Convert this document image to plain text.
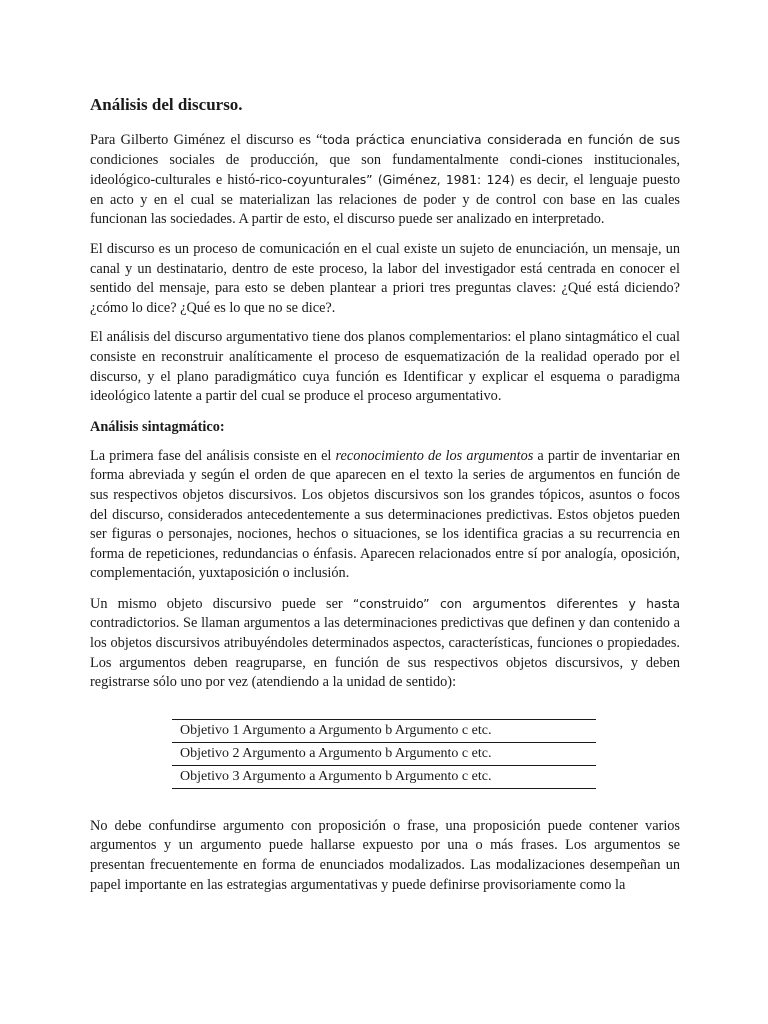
Análisis del discurso.

Para Gilberto Giménez el discurso es “toda práctica enunciativa considerada en función de sus condiciones sociales de producción, que son fundamentalmente condi-ciones institucionales, ideológico-culturales e histó-rico-coyunturales” (Giménez, 1981: 124) es decir, el lenguaje puesto en acto y en el cual se materializan las relaciones de poder y de control con base en las cuales funcionan las sociedades. A partir de esto, el discurso puede ser analizado en interpretado.

El discurso es un proceso de comunicación en el cual existe un sujeto de enunciación, un mensaje, un canal y un destinatario, dentro de este proceso, la labor del investigador está centrada en conocer el sentido del mensaje, para esto se deben plantear a priori tres preguntas claves: ¿Qué está diciendo? ¿cómo lo dice? ¿Qué es lo que no se dice?.

El análisis del discurso argumentativo tiene dos planos complementarios: el plano sintagmático el cual consiste en reconstruir analíticamente el proceso de esquematización de la realidad operado por el discurso, y el plano paradigmático cuya función es Identificar y explicar el esquema o paradigma ideológico latente a partir del cual se produce el proceso argumentativo.

Análisis sintagmático:

La primera fase del análisis consiste en el reconocimiento de los argumentos a partir de inventariar en forma abreviada y según el orden de que aparecen en el texto la series de argumentos en función de sus respectivos objetos discursivos. Los objetos discursivos son los grandes tópicos, asuntos o focos del discurso, considerados antecedentemente a sus determinaciones predictivas. Estos objetos pueden ser figuras o personajes, nociones, hechos o situaciones, se los identifica gracias a su recurrencia en forma de repeticiones, redundancias o énfasis. Aparecen relacionados entre sí por analogía, oposición, complementación, yuxtaposición o inclusión.

Un mismo objeto discursivo puede ser “construido” con argumentos diferentes y hasta contradictorios. Se llaman argumentos a las determinaciones predictivas que definen y dan contenido a los objetos discursivos atribuyéndoles determinados aspectos, características, funciones o propiedades. Los argumentos deben reagruparse, en función de sus respectivos objetos discursivos, y deben registrarse sólo uno por vez (atendiendo a la unidad de sentido):

Objetivo 1 Argumento a Argumento b Argumento c etc.
Objetivo 2 Argumento a Argumento b Argumento c etc.
Objetivo 3 Argumento a Argumento b Argumento c etc.

No debe confundirse argumento con proposición o frase, una proposición puede contener varios argumentos y un argumento puede hallarse expuesto por una o más frases. Los argumentos se presentan frecuentemente en forma de enunciados modalizados. Las modalizaciones desempeñan un papel importante en las estrategias argumentativas y puede definirse provisoriamente como la
